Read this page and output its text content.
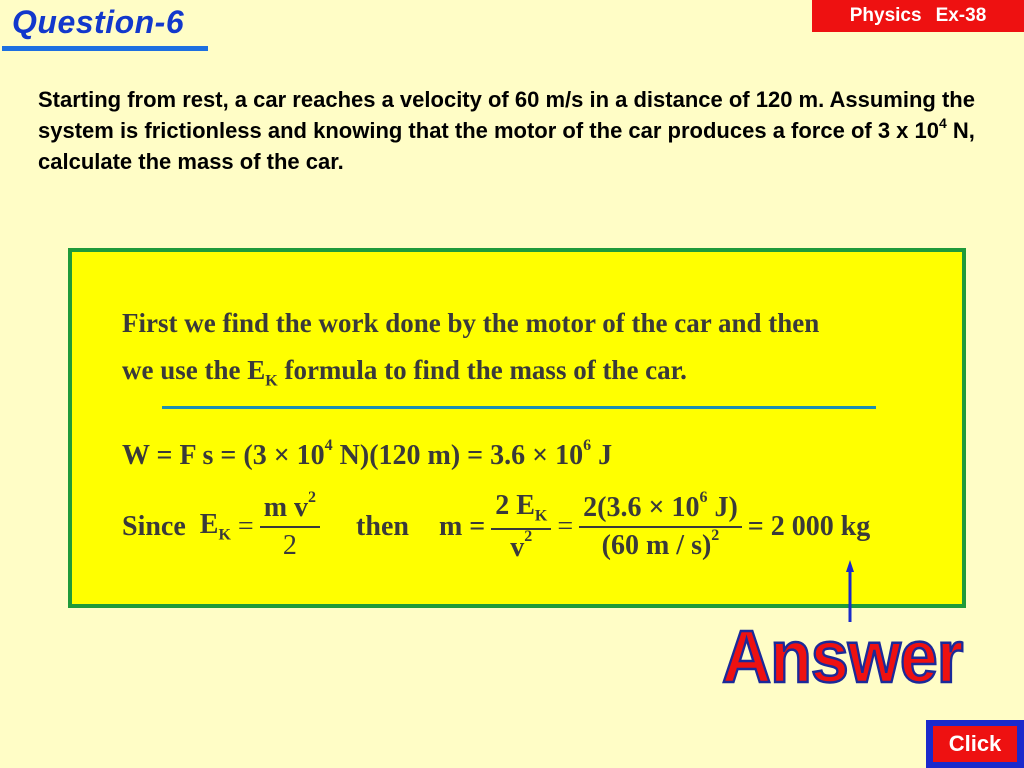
Question-6	Physics Ex-38
Starting from rest, a car reaches a velocity of 60 m/s in a distance of 120 m. Assuming the system is frictionless and knowing that the motor of the car produces a force of 3 x $10^4$ N, calculate the mass of the car.
First we find the work done by the motor of the car and then
we use the $E_K$ formula to find the mass of the car.
W = F $s = (3 \times 10^4$ N)(120 $m) = 3.6 \times 10^6$ J
Since
$E_K$
= $\frac{m v^2}{2}$ then $m = \frac{2 E_K}{v^2} = \frac{2(3.6 \times 10^6 J)}{(60 m / s)^2} = 2$ 000 kg
Answer
Click
